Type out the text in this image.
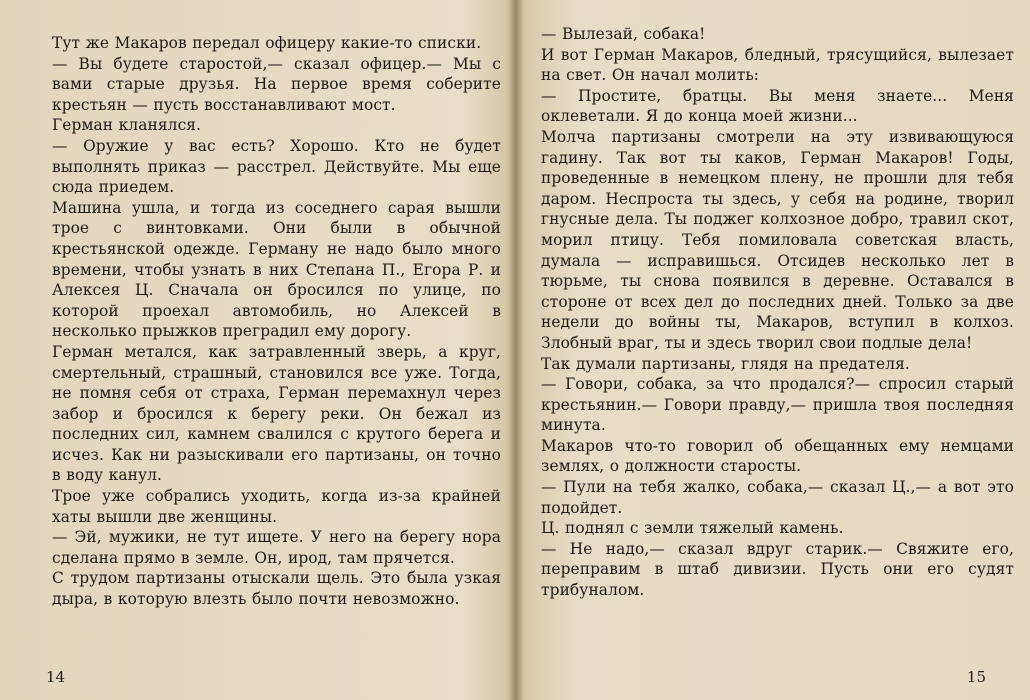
Тут же Макаров передал офицеру какие-то списки.

— Вы будете старостой,— сказал офицер.— Мы с вами старые друзья. На первое время соберите крестьян — пусть восстанавливают мост.

Герман кланялся.

— Оружие у вас есть? Хорошо. Кто не будет выполнять приказ — расстрел. Действуйте. Мы еще сюда приедем.

Машина ушла, и тогда из соседнего сарая вышли трое с винтовками. Они были в обычной крестьянской одежде. Герману не надо было много времени, чтобы узнать в них Степана П., Егора Р. и Алексея Ц. Сначала он бросился по улице, по которой проехал автомобиль, но Алексей в несколько прыжков преградил ему дорогу.

Герман метался, как затравленный зверь, а круг, смертельный, страшный, становился все уже. Тогда, не помня себя от страха, Герман перемахнул через забор и бросился к берегу реки. Он бежал из последних сил, камнем свалился с крутого берега и исчез. Как ни разыскивали его партизаны, он точно в воду канул.

Трое уже собрались уходить, когда из-за крайней хаты вышли две женщины.

— Эй, мужики, не тут ищете. У него на берегу нора сделана прямо в земле. Он, ирод, там прячется.

С трудом партизаны отыскали щель. Это была узкая дыра, в которую влезть было почти невозможно.

14

— Вылезай, собака!

И вот Герман Макаров, бледный, трясущийся, вылезает на свет. Он начал молить:

— Простите, братцы. Вы меня знаете... Меня оклеветали. Я до конца моей жизни...

Молча партизаны смотрели на эту извивающуюся гадину. Так вот ты каков, Герман Макаров! Годы, проведенные в немецком плену, не прошли для тебя даром. Неспроста ты здесь, у себя на родине, творил гнусные дела. Ты поджег колхозное добро, травил скот, морил птицу. Тебя помиловала советская власть, думала — исправишься. Отсидев несколько лет в тюрьме, ты снова появился в деревне. Оставался в стороне от всех дел до последних дней. Только за две недели до войны ты, Макаров, вступил в колхоз. Злобный враг, ты и здесь творил свои подлые дела!

Так думали партизаны, глядя на предателя.

— Говори, собака, за что продался?— спросил старый крестьянин.— Говори правду,— пришла твоя последняя минута.

Макаров что-то говорил об обещанных ему немцами землях, о должности старосты.

— Пули на тебя жалко, собака,— сказал Ц.,— а вот это подойдет.

Ц. поднял с земли тяжелый камень.

— Не надо,— сказал вдруг старик.— Свяжите его, переправим в штаб дивизии. Пусть они его судят трибуналом.

15
